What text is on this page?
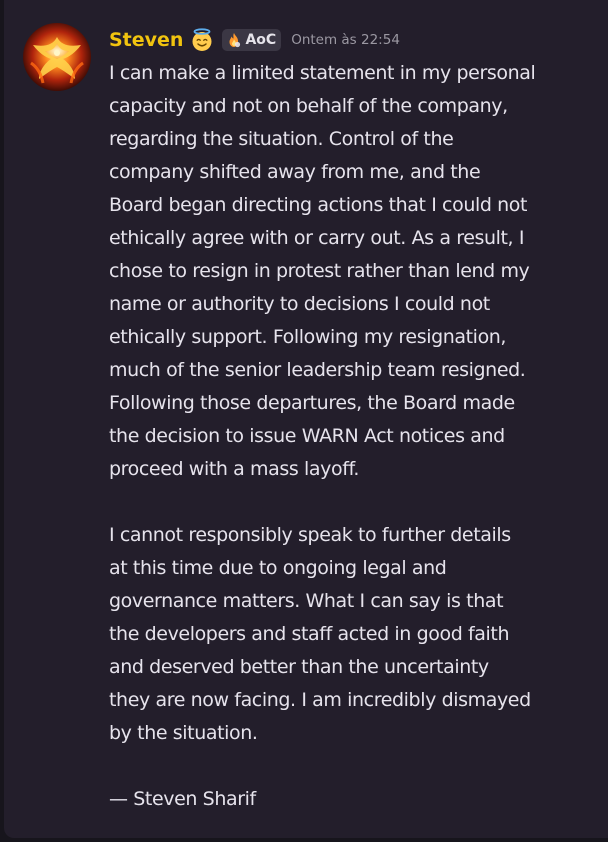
Steven	AoC Ontem às 22:54
I can make a limited statement in my personal
capacity and not on behalf of the company,
regarding the situation. Control of the
company shifted away from me, and the
Board began directing actions that I could not
ethically agree with or carry out. As a result, I
chose to resign in protest rather than lend my
name or authority to decisions I could not
ethically support. Following my resignation,
much of the senior leadership team resigned.
Following those departures, the Board made
the decision to issue WARN Act notices and
proceed with a mass layoff.
I cannot responsibly speak to further details
at this time due to ongoing legal and
governance matters. What I can say is that
the developers and staff acted in good faith
and deserved better than the uncertainty
they are now facing. I am incredibly dismayed
by the situation.
— Steven Sharif
